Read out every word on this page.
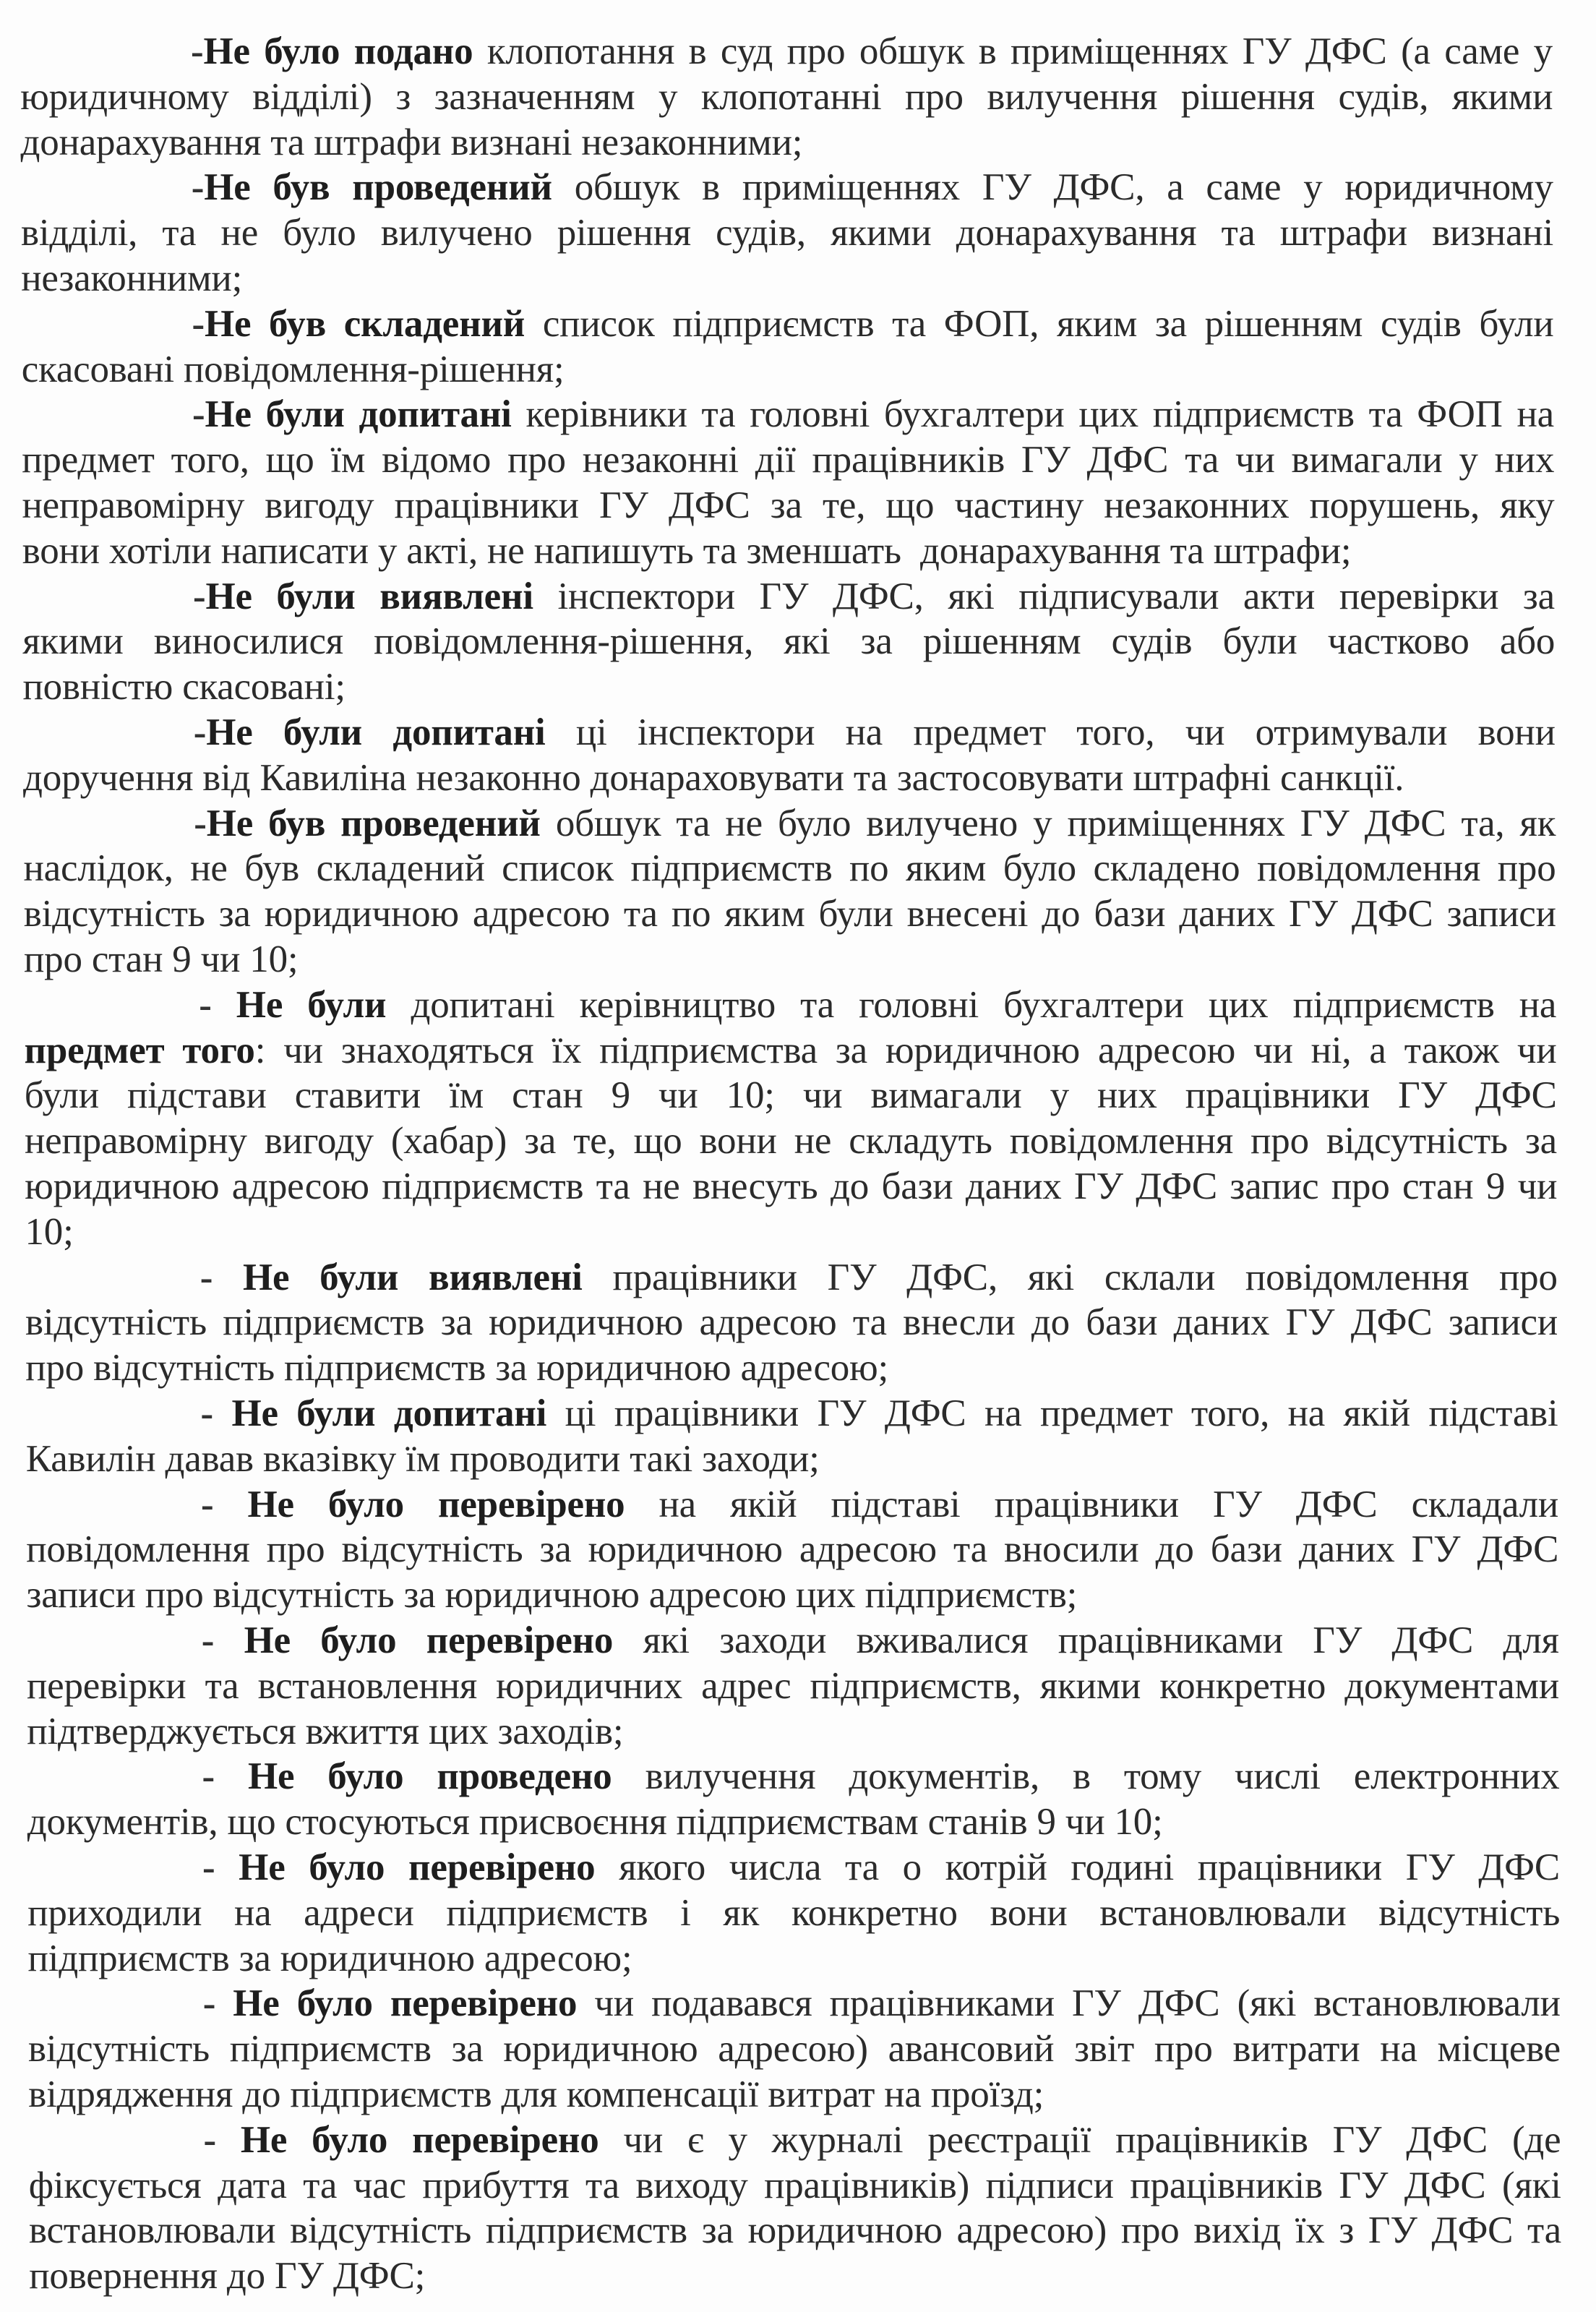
-Не було подано клопотання в суд про обшук в приміщеннях ГУ ДФС (а саме у
юридичному відділі) з зазначенням у клопотанні про вилучення рішення судів, якими
донарахування та штрафи визнані незаконними;
-Не був проведений обшук в приміщеннях ГУ ДФС, а саме у юридичному
відділі, та не було вилучено рішення судів, якими донарахування та штрафи визнані
незаконними;
-Не був складений список підприємств та ФОП, яким за рішенням судів були
скасовані повідомлення-рішення;
-Не були допитані керівники та головні бухгалтери цих підприємств та ФОП на
предмет того, що їм відомо про незаконні дії працівників ГУ ДФС та чи вимагали у них
неправомірну вигоду працівники ГУ ДФС за те, що частину незаконних порушень, яку
вони хотіли написати у акті, не напишуть та зменшать  донарахування та штрафи;
-Не були виявлені інспектори ГУ ДФС, які підписували акти перевірки за
якими виносилися повідомлення-рішення, які за рішенням судів були частково або
повністю скасовані;
-Не були допитані ці інспектори на предмет того, чи отримували вони
доручення від Кавиліна незаконно донараховувати та застосовувати штрафні санкції.
-Не був проведений обшук та не було вилучено у приміщеннях ГУ ДФС та, як
наслідок, не був складений список підприємств по яким було складено повідомлення про
відсутність за юридичною адресою та по яким були внесені до бази даних ГУ ДФС записи
про стан 9 чи 10;
- Не були допитані керівництво та головні бухгалтери цих підприємств на
предмет того: чи знаходяться їх підприємства за юридичною адресою чи ні, а також чи
були підстави ставити їм стан 9 чи 10; чи вимагали у них працівники ГУ ДФС
неправомірну вигоду (хабар) за те, що вони не складуть повідомлення про відсутність за
юридичною адресою підприємств та не внесуть до бази даних ГУ ДФС запис про стан 9 чи
10;
- Не були виявлені працівники ГУ ДФС, які склали повідомлення про
відсутність підприємств за юридичною адресою та внесли до бази даних ГУ ДФС записи
про відсутність підприємств за юридичною адресою;
- Не були допитані ці працівники ГУ ДФС на предмет того, на якій підставі
Кавилін давав вказівку їм проводити такі заходи;
- Не було перевірено на якій підставі працівники ГУ ДФС складали
повідомлення про відсутність за юридичною адресою та вносили до бази даних ГУ ДФС
записи про відсутність за юридичною адресою цих підприємств;
- Не було перевірено які заходи вживалися працівниками ГУ ДФС для
перевірки та встановлення юридичних адрес підприємств, якими конкретно документами
підтверджується вжиття цих заходів;
- Не було проведено вилучення документів, в тому числі електронних
документів, що стосуються присвоєння підприємствам станів 9 чи 10;
- Не було перевірено якого числа та о котрій годині працівники ГУ ДФС
приходили на адреси підприємств і як конкретно вони встановлювали відсутність
підприємств за юридичною адресою;
- Не було перевірено чи подавався працівниками ГУ ДФС (які встановлювали
відсутність підприємств за юридичною адресою) авансовий звіт про витрати на місцеве
відрядження до підприємств для компенсації витрат на проїзд;
- Не було перевірено чи є у журналі реєстрації працівників ГУ ДФС (де
фіксується дата та час прибуття та виходу працівників) підписи працівників ГУ ДФС (які
встановлювали відсутність підприємств за юридичною адресою) про вихід їх з ГУ ДФС та
повернення до ГУ ДФС;
